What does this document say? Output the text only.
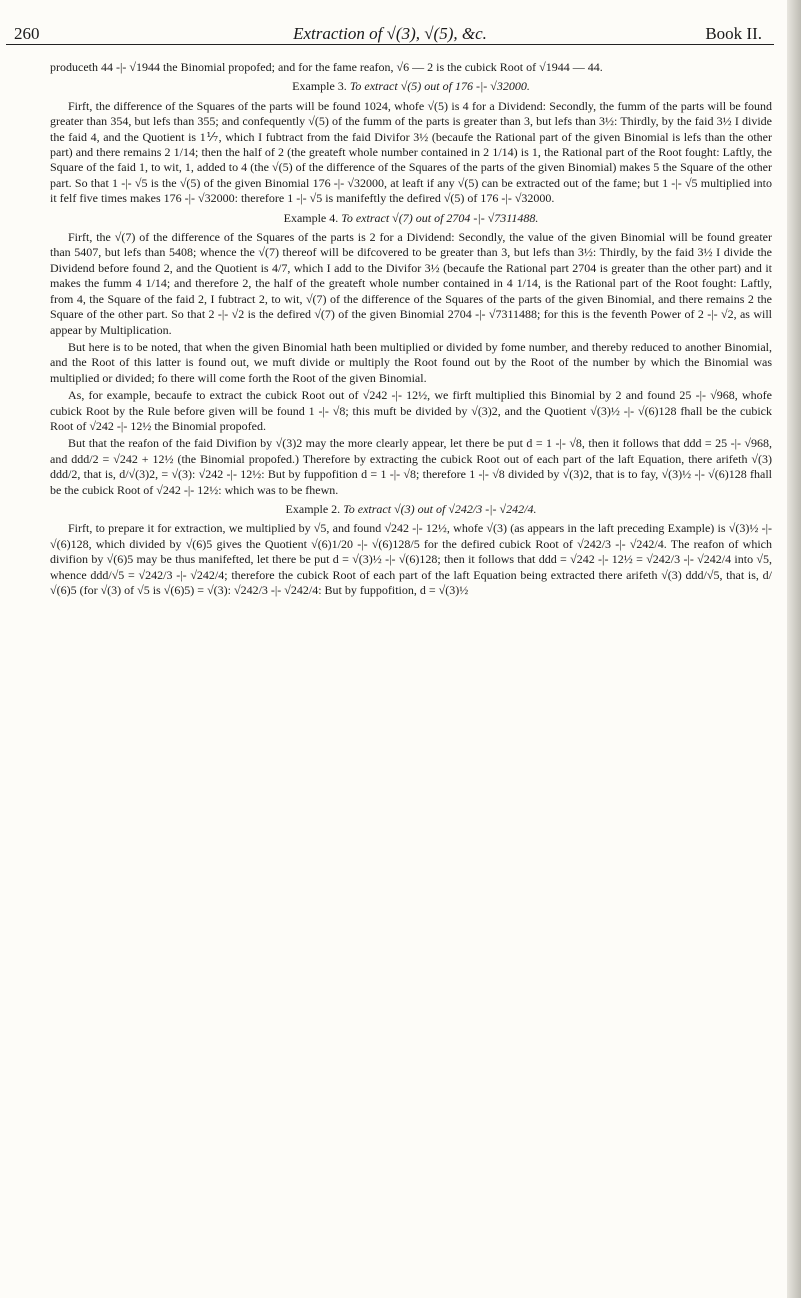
260	Extraction of √(3), √(5), &c.	Book II.

produceth 44 -|- √1944 the Binomial propofed; and for the fame reafon, √6 — 2 is the cubick Root of √1944 — 44.

Example 3. To extract √(5) out of 176 -|- √32000.

Firft, the difference of the Squares of the parts will be found 1024, whofe √(5) is 4 for a Dividend: Secondly, the fumm of the parts will be found greater than 354, but lefs than 355; and confequently √(5) of the fumm of the parts is greater than 3, but lefs than 3½: Thirdly, by the faid 3½ I divide the faid 4, and the Quotient is 1⅐, which I fubtract from the faid Divifor 3½ (becaufe the Rational part of the given Binomial is lefs than the other part) and there remains 2 1/14; then the half of 2 (the greateft whole number contained in 2 1/14) is 1, the Rational part of the Root fought: Laftly, the Square of the faid 1, to wit, 1, added to 4 (the √(5) of the difference of the Squares of the parts of the given Binomial) makes 5 the Square of the other part. So that 1 -|- √5 is the √(5) of the given Binomial 176 -|- √32000, at leaft if any √(5) can be extracted out of the fame; but 1 -|- √5 multiplied into it felf five times makes 176 -|- √32000: therefore 1 -|- √5 is manifeftly the defired √(5) of 176 -|- √32000.

Example 4. To extract √(7) out of 2704 -|- √7311488.

Firft, the √(7) of the difference of the Squares of the parts is 2 for a Dividend: Secondly, the value of the given Binomial will be found greater than 5407, but lefs than 5408; whence the √(7) thereof will be difcovered to be greater than 3, but lefs than 3½: Thirdly, by the faid 3½ I divide the Dividend before found 2, and the Quotient is 4/7, which I add to the Divifor 3½ (becaufe the Rational part 2704 is greater than the other part) and it makes the fumm 4 1/14; and therefore 2, the half of the greateft whole number contained in 4 1/14, is the Rational part of the Root fought: Laftly, from 4, the Square of the faid 2, I fubtract 2, to wit, √(7) of the difference of the Squares of the parts of the given Binomial, and there remains 2 the Square of the other part. So that 2 -|- √2 is the defired √(7) of the given Binomial 2704 -|- √7311488; for this is the feventh Power of 2 -|- √2, as will appear by Multiplication.

But here is to be noted, that when the given Binomial hath been multiplied or divided by fome number, and thereby reduced to another Binomial, and the Root of this latter is found out, we muft divide or multiply the Root found out by the Root of the number by which the Binomial was multiplied or divided; fo there will come forth the Root of the given Binomial.

As, for example, becaufe to extract the cubick Root out of √242 -|- 12½, we firft multiplied this Binomial by 2 and found 25 -|- √968, whofe cubick Root by the Rule before given will be found 1 -|- √8; this muft be divided by √(3)2, and the Quotient √(3)½ -|- √(6)128 fhall be the cubick Root of √242 -|- 12½ the Binomial propofed.

But that the reafon of the faid Divifion by √(3)2 may the more clearly appear, let there be put d = 1 -|- √8, then it follows that ddd = 25 -|- √968, and ddd/2 = √242 + 12½ (the Binomial propofed.) Therefore by extracting the cubick Root out of each part of the laft Equation, there arifeth √(3) ddd/2, that is, d/√(3)2, = √(3): √242 -|- 12½: But by fuppofition d = 1 -|- √8; therefore 1 -|- √8 divided by √(3)2, that is to fay, √(3)½ -|- √(6)128 fhall be the cubick Root of √242 -|- 12½: which was to be fhewn.

Example 2. To extract √(3) out of √242/3 -|- √242/4.

Firft, to prepare it for extraction, we multiplied by √5, and found √242 -|- 12½, whofe √(3) (as appears in the laft preceding Example) is √(3)½ -|- √(6)128, which divided by √(6)5 gives the Quotient √(6)1/20 -|- √(6)128/5 for the defired cubick Root of √242/3 -|- √242/4. The reafon of which divifion by √(6)5 may be thus manifefted, let there be put d = √(3)½ -|- √(6)128; then it follows that ddd = √242 -|- 12½ = √242/3 -|- √242/4 into √5, whence ddd/√5 = √242/3 -|- √242/4; therefore the cubick Root of each part of the laft Equation being extracted there arifeth √(3) ddd/√5, that is, d/√(6)5 (for √(3) of √5 is √(6)5) = √(3): √242/3 -|- √242/4: But by fuppofition, d = √(3)½
